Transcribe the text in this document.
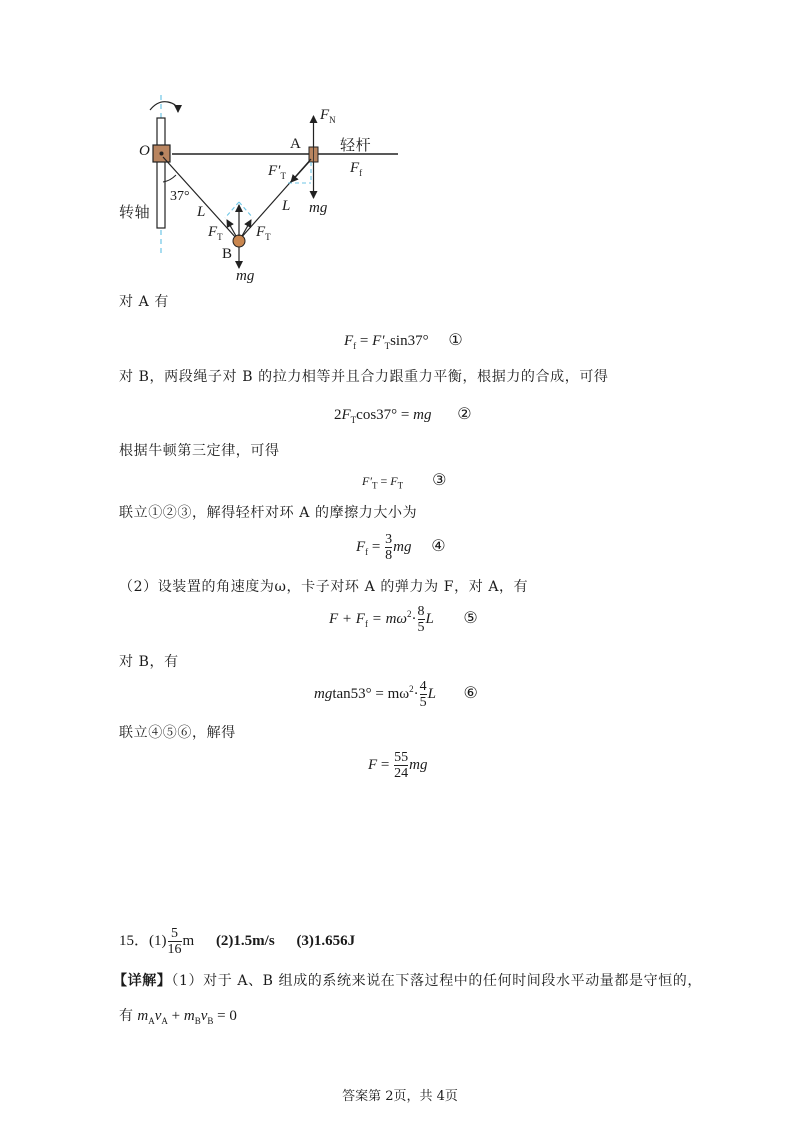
O	A
B
$F_N$
轻杆
$F_f$
$F'_T$
mg
L	L
转轴
37°
$F_T$ $F_T$
mg
对 A 有
$F_f = F'_T\sin 37^\circ$ ①
对 B，两段绳子对 B 的拉力相等并且合力跟重力平衡，根据力的合成，可得
$2F_T\cos 37^\circ$ = mg ②
根据牛顿第三定律，可得
$F'_T = F_T$ ③
联立①②③，解得轻杆对环 A 的摩擦力大小为
$F_f = \frac{3}{8}$ mg ④
（2）设装置的角速度为ω，卡子对环 A 的弹力为 F，对 A，有
$F + F_f = m\omega^2\cdot \frac{8}{5}$ L ⑤
对 B，有
$mgtan53^\circ = m\omega^2\cdot \frac{4}{5}$ L ⑥
联立④⑤⑥，解得
$F = \frac{55}{24}$ mg
15．$(1) \frac{5}{16}$ m (2)1.5m/s (3)1.656J
【详解】（1）对于 A、B 组成的系统来说在下落过程中的任何时间段水平动量都是守恒的，
有 $m_Av_A + m_Bv_B = 0$
答案第 2页，共 4页
